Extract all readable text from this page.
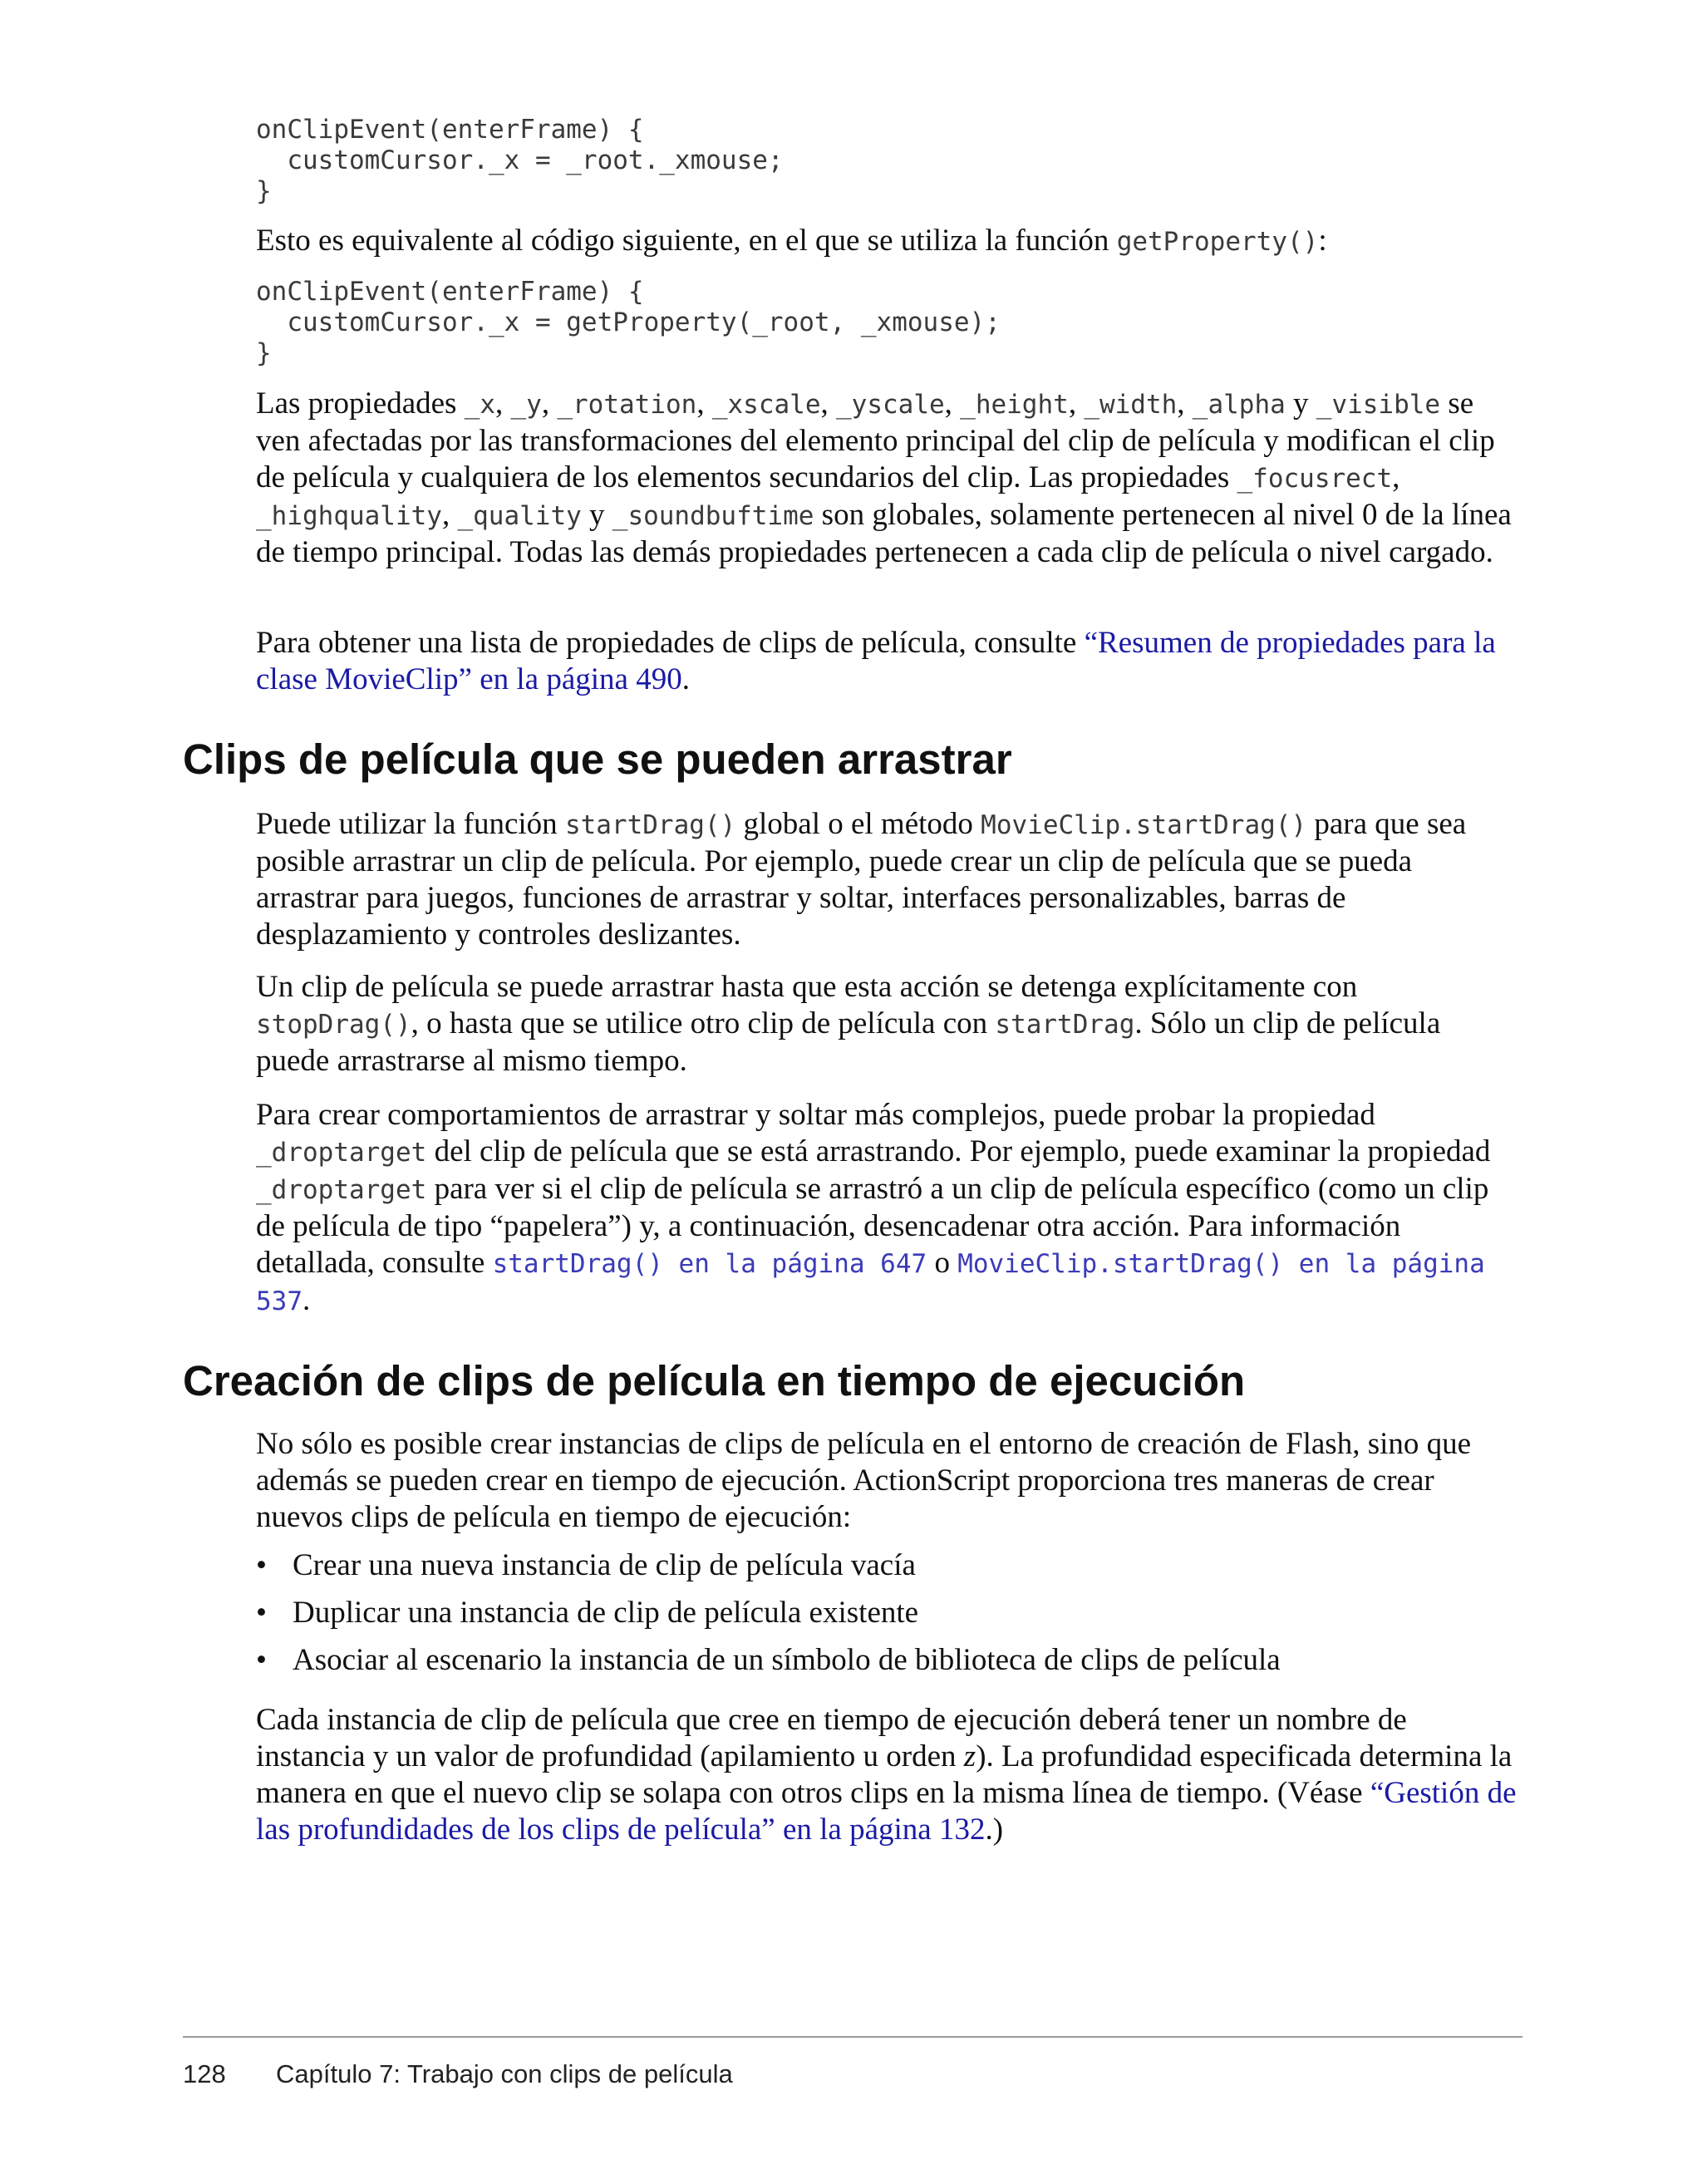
onClipEvent(enterFrame) {
customCursor._x = _root._xmouse;
}

Esto es equivalente al código siguiente, en el que se utiliza la función getProperty():

onClipEvent(enterFrame) {
customCursor._x = getProperty(_root, _xmouse);
}

Las propiedades _x, _y, _rotation, _xscale, _yscale, _height, _width, _alpha y _visible se ven afectadas por las transformaciones del elemento principal del clip de película y modifican el clip de película y cualquiera de los elementos secundarios del clip. Las propiedades _focusrect, _highquality, _quality y _soundbuftime son globales, solamente pertenecen al nivel 0 de la línea de tiempo principal. Todas las demás propiedades pertenecen a cada clip de película o nivel cargado.

Para obtener una lista de propiedades de clips de película, consulte “Resumen de propiedades para la clase MovieClip” en la página 490.

Clips de película que se pueden arrastrar

Puede utilizar la función startDrag() global o el método MovieClip.startDrag() para que sea posible arrastrar un clip de película. Por ejemplo, puede crear un clip de película que se pueda arrastrar para juegos, funciones de arrastrar y soltar, interfaces personalizables, barras de desplazamiento y controles deslizantes.

Un clip de película se puede arrastrar hasta que esta acción se detenga explícitamente con stopDrag(), o hasta que se utilice otro clip de película con startDrag. Sólo un clip de película puede arrastrarse al mismo tiempo.

Para crear comportamientos de arrastrar y soltar más complejos, puede probar la propiedad _droptarget del clip de película que se está arrastrando. Por ejemplo, puede examinar la propiedad _droptarget para ver si el clip de película se arrastró a un clip de película específico (como un clip de película de tipo “papelera”) y, a continuación, desencadenar otra acción. Para información detallada, consulte startDrag() en la página 647 o MovieClip.startDrag() en la página 537.

Creación de clips de película en tiempo de ejecución

No sólo es posible crear instancias de clips de película en el entorno de creación de Flash, sino que además se pueden crear en tiempo de ejecución. ActionScript proporciona tres maneras de crear nuevos clips de película en tiempo de ejecución:

• Crear una nueva instancia de clip de película vacía
• Duplicar una instancia de clip de película existente
• Asociar al escenario la instancia de un símbolo de biblioteca de clips de película

Cada instancia de clip de película que cree en tiempo de ejecución deberá tener un nombre de instancia y un valor de profundidad (apilamiento u orden z). La profundidad especificada determina la manera en que el nuevo clip se solapa con otros clips en la misma línea de tiempo. (Véase “Gestión de las profundidades de los clips de película” en la página 132.)

128 Capítulo 7: Trabajo con clips de película
